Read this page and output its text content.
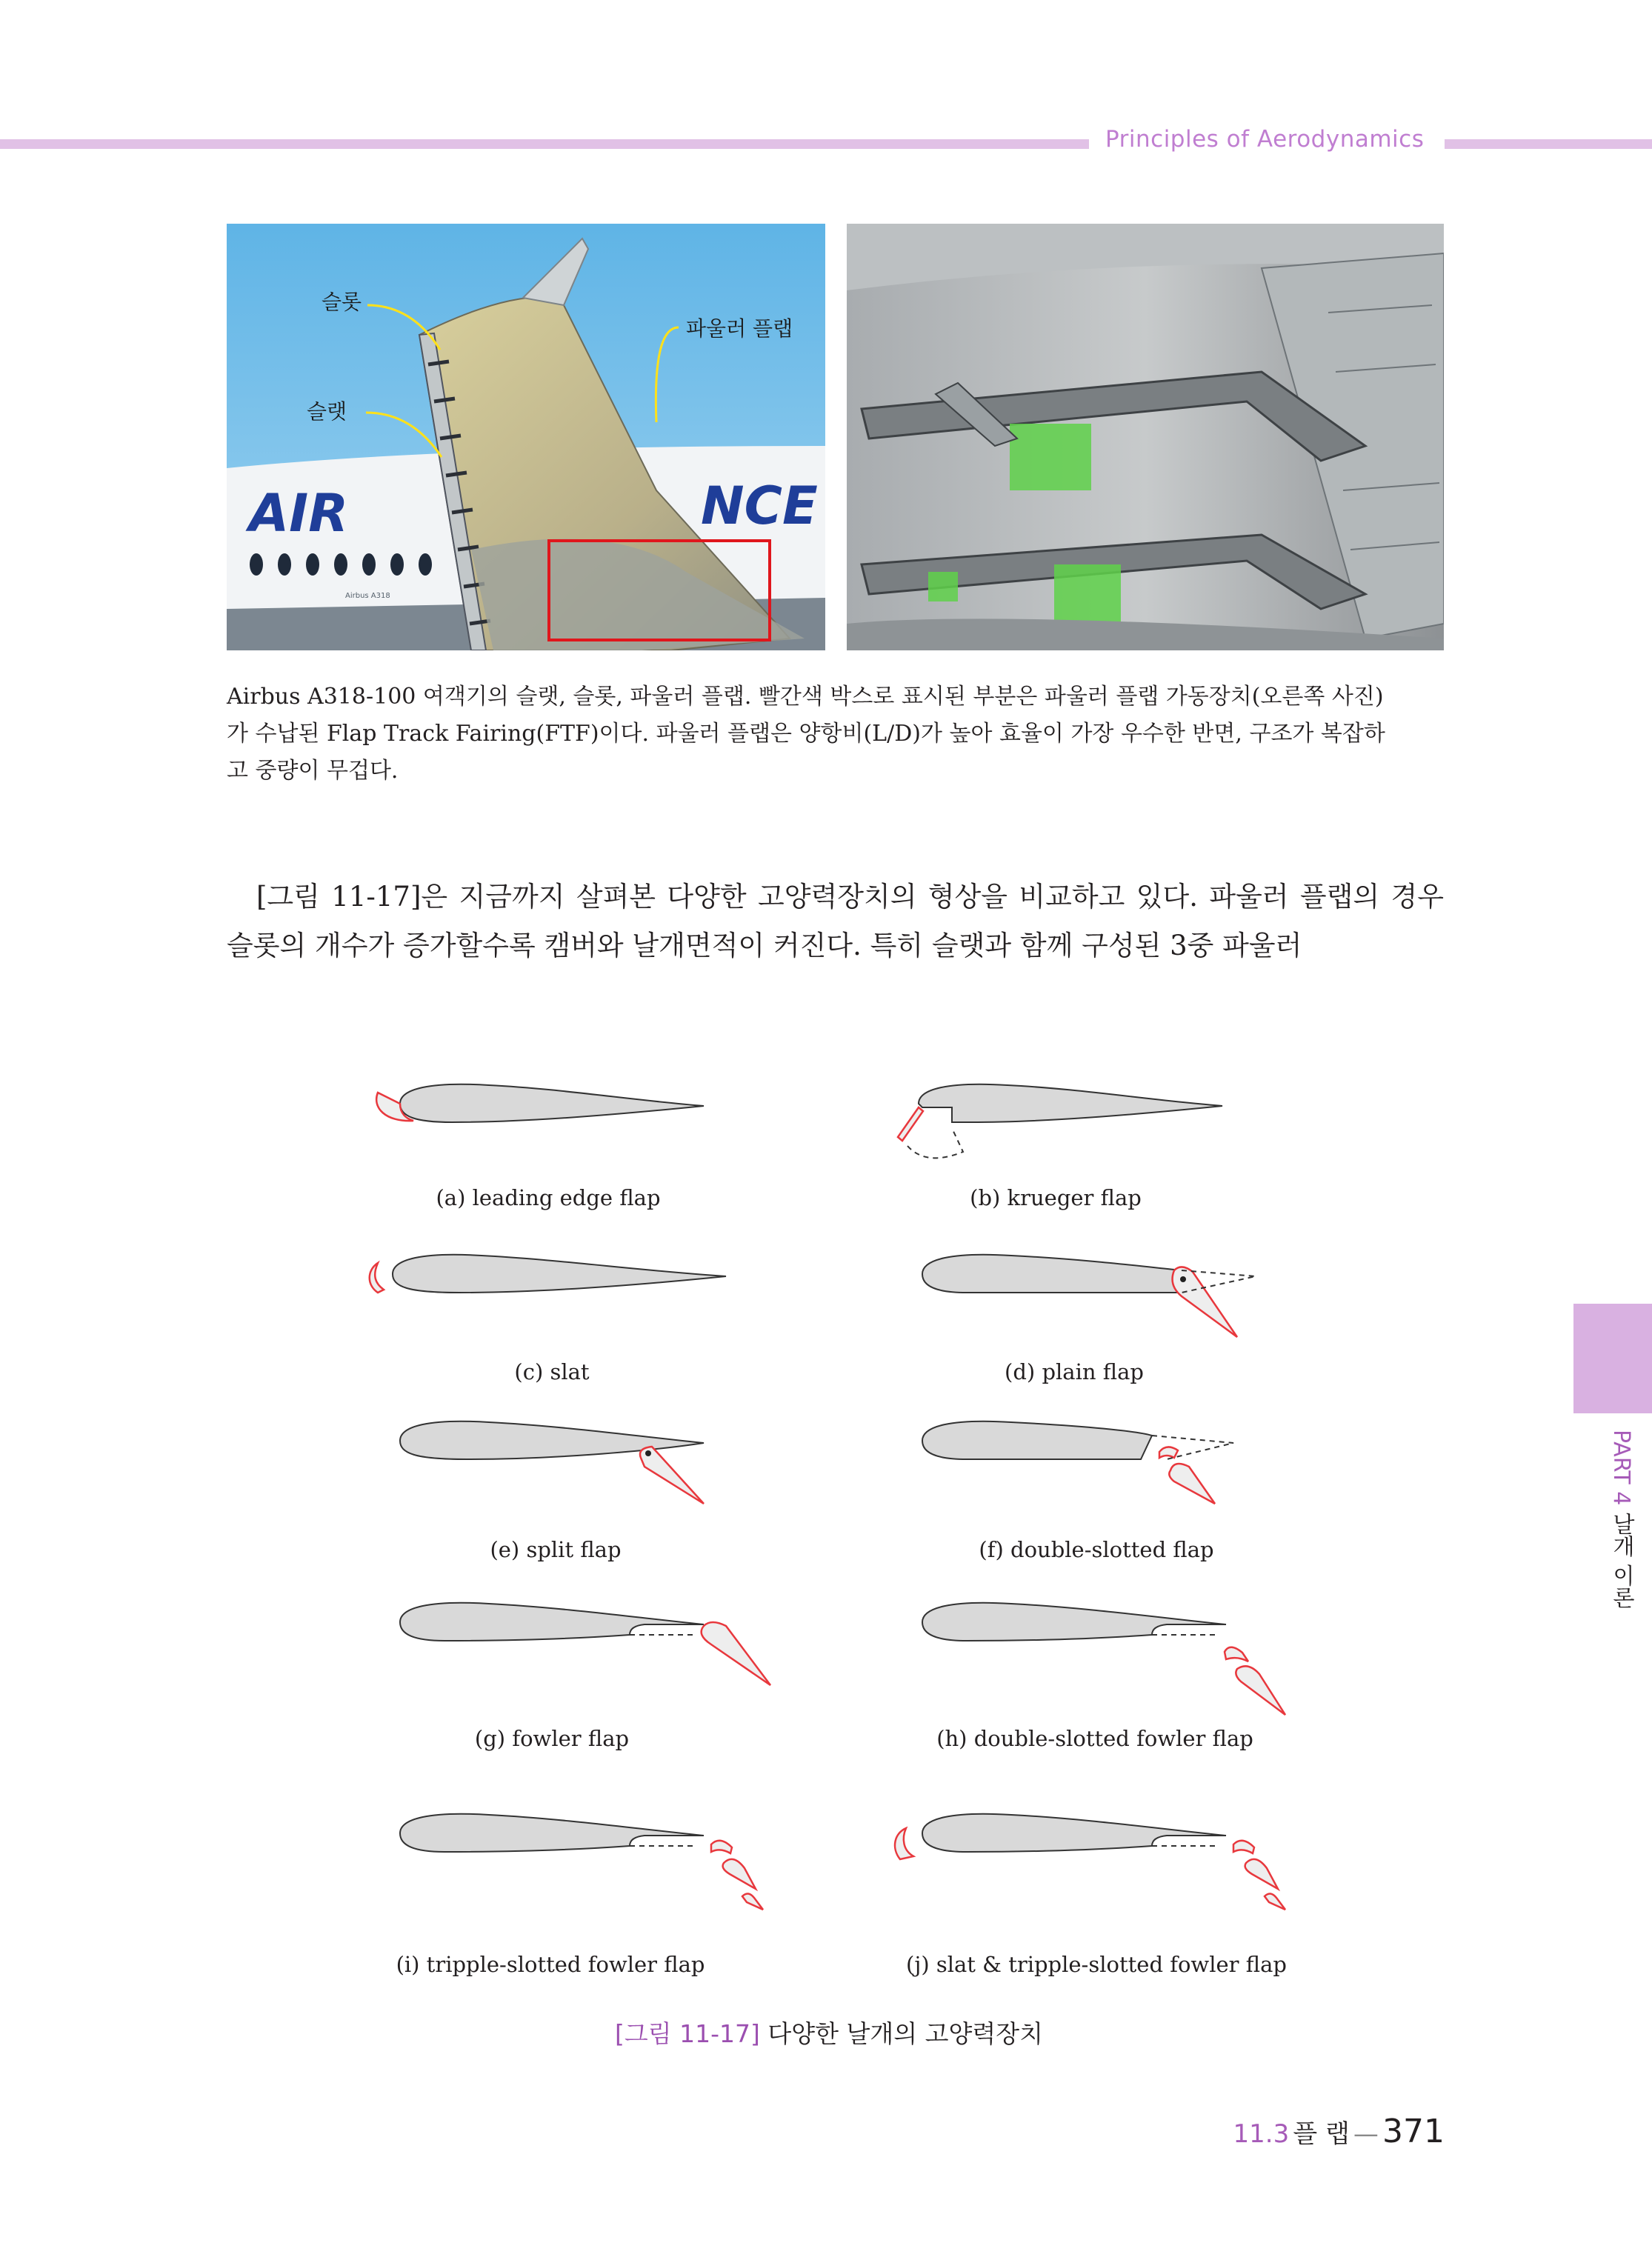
Principles of Aerodynamics
AIR	NCE
Airbus A318
슬롯
파울러 플랩
슬랫
Airbus A318-100 여객기의 슬랫, 슬롯, 파울러 플랩. 빨간색 박스로 표시된 부분은 파울러 플랩 가동장치(오른쪽 사진)
가 수납된 Flap Track Fairing(FTF)이다. 파울러 플랩은 양항비(L/D)가 높아 효율이 가장 우수한 반면, 구조가 복잡하
고 중량이 무겁다.

[그림 11-17]은 지금까지 살펴본 다양한 고양력장치의 형상을 비교하고 있다. 파울러 플랩의 경우 슬롯의 개수가 증가할수록 캠버와 날개면적이 커진다. 특히 슬랫과 함께 구성된 3중 파울러

(a) leading edge flap	(b) krueger flap
(c) slat	(d) plain flap
(e) split flap	(f) double-slotted flap
(g) fowler flap	(h) double-slotted fowler flap
(i) tripple-slotted fowler flap	(j) slat & tripple-slotted fowler flap
[그림 11-17] 다양한 날개의 고양력장치
PART 4 날개 이론
11.3 플 랩 — 371
